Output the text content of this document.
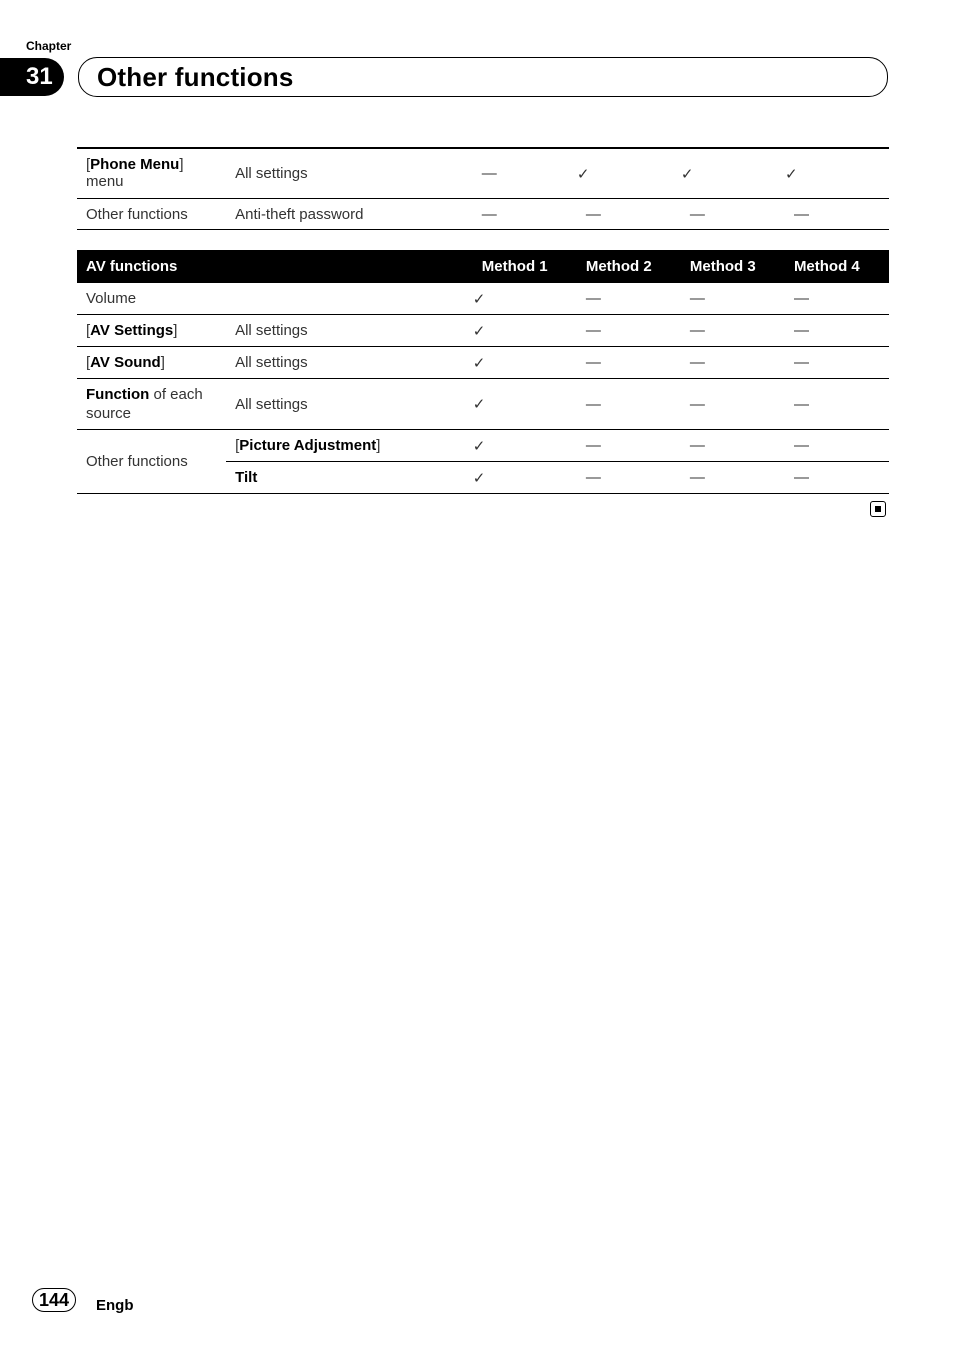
Chapter
31	Other functions
[Phone Menu]
menu	All settings	—	✓	✓	✓
Other functions	Anti-theft password	—	—	—	—
AV functions		Method 1	Method 2	Method 3	Method 4
Volume		✓	—	—	—
[AV Settings]	All settings	✓	—	—	—
[AV Sound]	All settings	✓	—	—	—
Function of each source	All settings	✓	—	—	—
Other functions	[Picture Adjustment]	✓	—	—	—
	Tilt	✓	—	—	—
144	Engb
